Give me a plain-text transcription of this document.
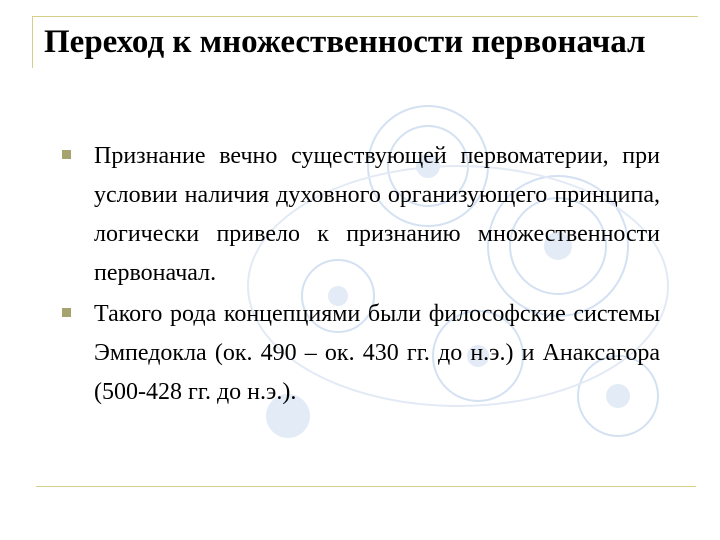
Переход к множественности первоначал
Признание вечно существующей первоматерии, при условии наличия духовного организующего принципа, логически привело к признанию множественности первоначал.
Такого рода концепциями были философские системы Эмпедокла (ок. 490 – ок. 430 гг. до н.э.) и Анаксагора (500-428 гг. до н.э.).
